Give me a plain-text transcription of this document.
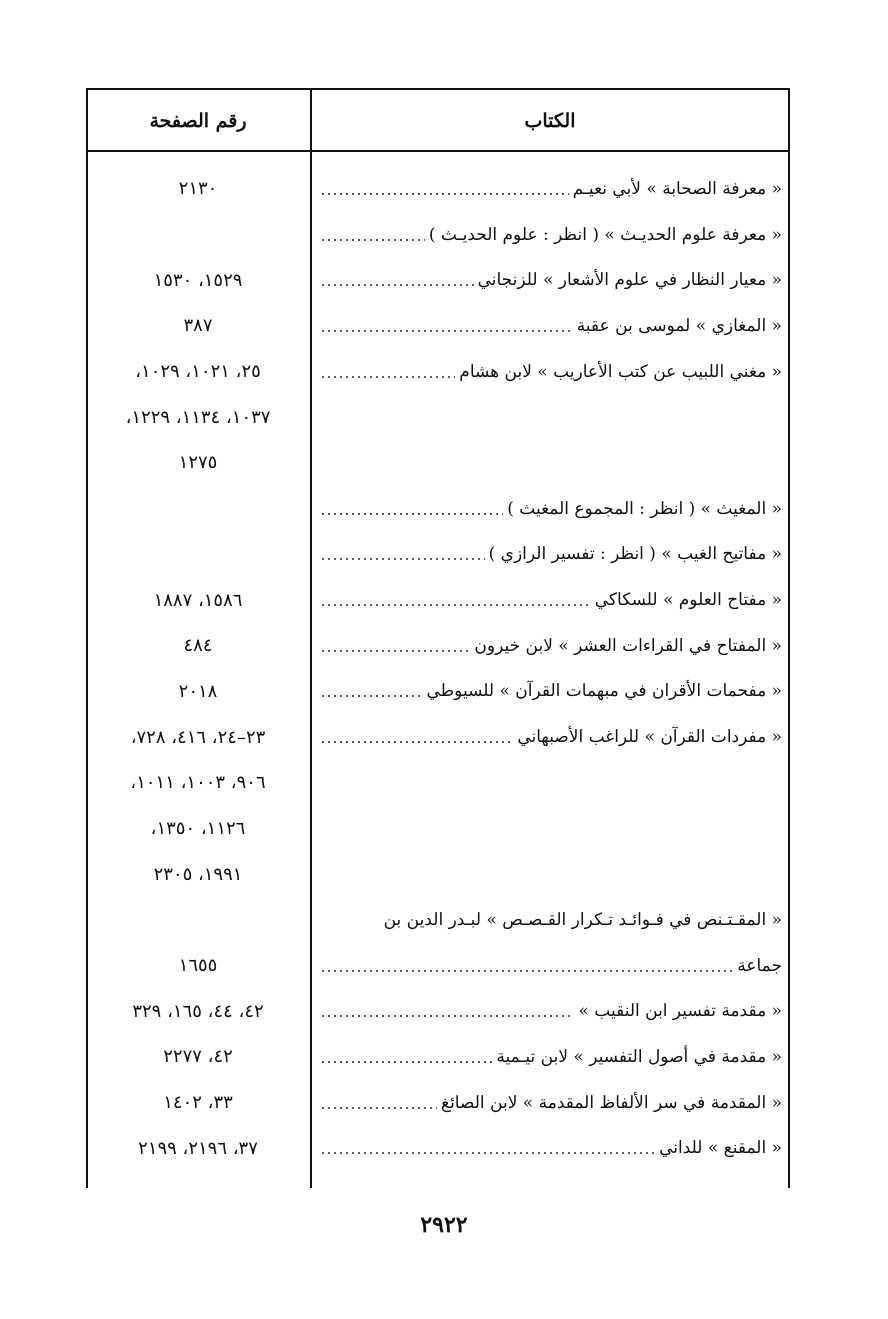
الكتاب
رقم الصفحة
« معرفة الصحابة » لأبي نعيـم
٢١٣٠
« معرفة علوم الحديـث » ( انظر : علوم الحديـث )
« معيار النظار في علوم الأشعار » للزنجاني
١٥٢٩، ١٥٣٠
« المغازي » لموسى بن عقبة
٣٨٧
« مغني اللبيب عن كتب الأعاريب » لابن هشام
٢٥، ١٠٢١، ١٠٢٩،
١٠٣٧، ١١٣٤، ١٢٢٩،
١٢٧٥
« المغيث » ( انظر : المجموع المغيث )
« مفاتيح الغيب » ( انظر : تفسير الرازي )
« مفتاح العلوم » للسكاكي
١٥٨٦، ١٨٨٧
« المفتاح في القراءات العشر » لابن خيرون
٤٨٤
« مفحمات الأقران في مبهمات القرآن » للسيوطي
٢٠١٨
« مفردات القرآن » للراغب الأصبهاني
٢٣–٢٤، ٤١٦، ٧٢٨،
٩٠٦، ١٠٠٣، ١٠١١،
١١٢٦، ١٣٥٠،
١٩٩١، ٢٣٠٥
« المقـتـنص في فـوائـد تـكرار القـصـص » لبـدر الدين بن
جماعة
١٦٥٥
« مقدمة تفسير ابن النقيب »
٤٢، ٤٤، ١٦٥، ٣٢٩
« مقدمة في أصول التفسير » لابن تيـمية
٤٢، ٢٢٧٧
« المقدمة في سر الألفاظ المقدمة » لابن الصائغ
٣٣، ١٤٠٢
« المقنع » للداني
٣٧، ٢١٩٦، ٢١٩٩
٢٩٢٢
